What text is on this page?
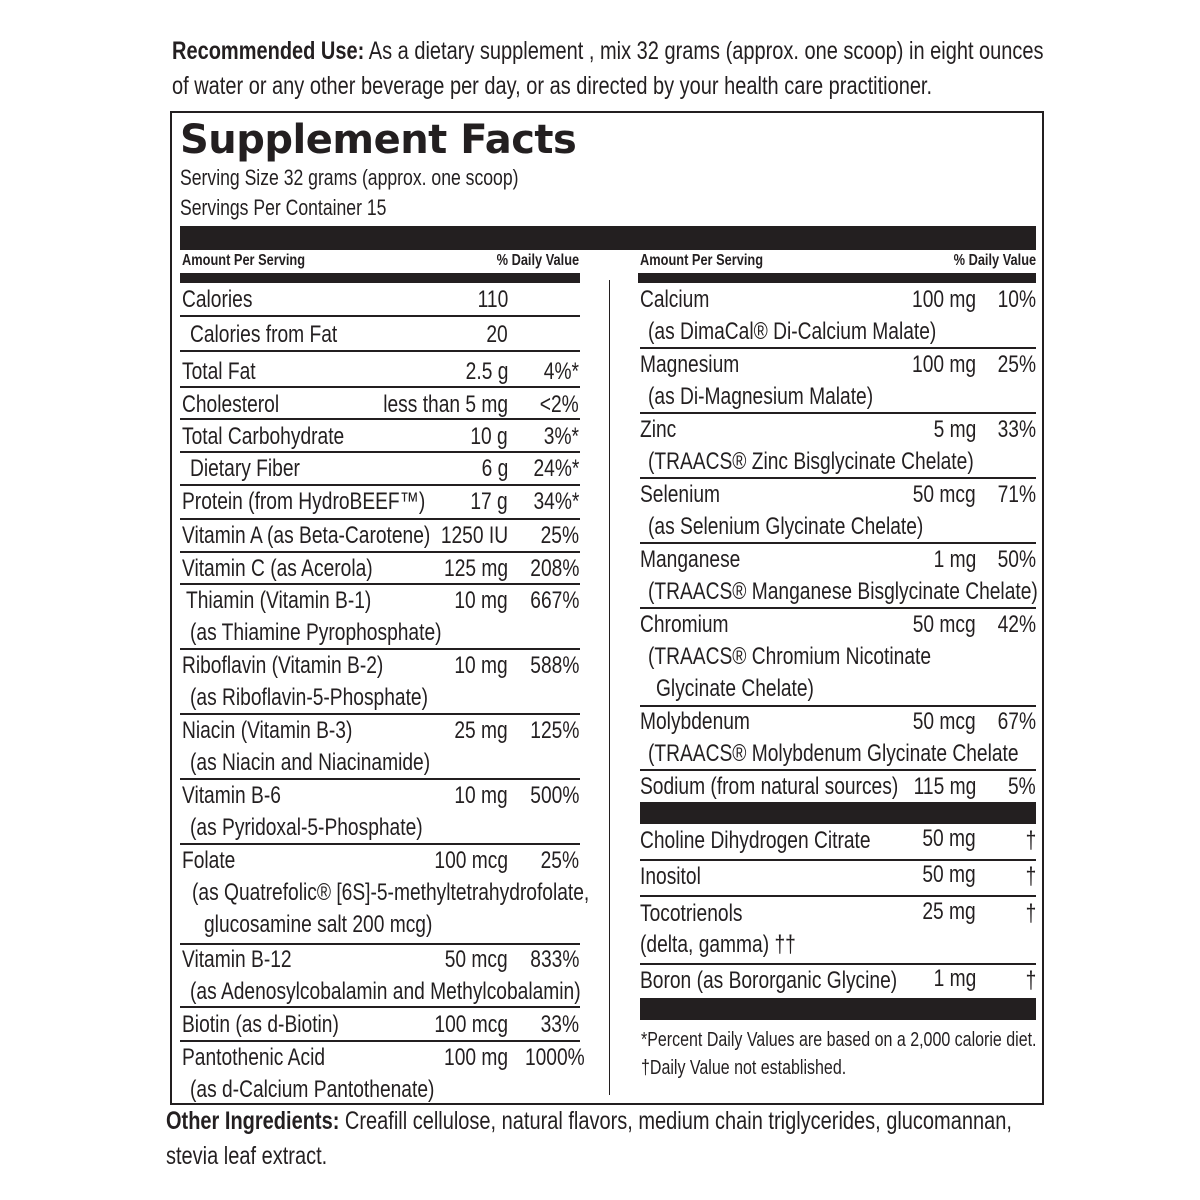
Recommended Use: As a dietary supplement , mix 32 grams (approx. one scoop) in eight ounces
of water or any other beverage per day, or as directed by your health care practitioner.
Supplement Facts
Serving Size 32 grams (approx. one scoop)
Servings Per Container 15
Amount Per Serving	% Daily Value	Amount Per Serving	% Daily Value
*Percent Daily Values are based on a 2,000 calorie diet.
†Daily Value not established.
Other Ingredients: Creafill cellulose, natural flavors, medium chain triglycerides, glucomannan,
stevia leaf extract.
Calories	110
Calories from Fat	20
Total Fat	2.5 g	4%*
Cholesterol	less than 5 mg	<2%
Total Carbohydrate	10 g	3%*
Dietary Fiber	6 g	24%*
Protein (from HydroBEEF™)	17 g	34%*
Vitamin A (as Beta-Carotene) 1250 IU	25%
Vitamin C (as Acerola)	125 mg 208%
Thiamin (Vitamin B-1)	10 mg 667%
(as Thiamine Pyrophosphate)
Riboflavin (Vitamin B-2)	10 mg 588%
(as Riboflavin-5-Phosphate)
Niacin (Vitamin B-3)	25 mg 125%
(as Niacin and Niacinamide)
Vitamin B-6	10 mg 500%
(as Pyridoxal-5-Phosphate)
Folate	100 mcg	25%
(as Quatrefolic® [6S]-5-methyltetrahydrofolate,
glucosamine salt 200 mcg)
Vitamin B-12	50 mcg 833%
(as Adenosylcobalamin and Methylcobalamin)
Biotin (as d-Biotin)	100 mcg	33%
Pantothenic Acid	100 mg 1000%
(as d-Calcium Pantothenate)
Calcium	100 mg 10%
(as DimaCal® Di-Calcium Malate)
Magnesium	100 mg 25%
(as Di-Magnesium Malate)
Zinc	5 mg 33%
(TRAACS® Zinc Bisglycinate Chelate)
Selenium	50 mcg 71%
(as Selenium Glycinate Chelate)
Manganese	1 mg 50%
(TRAACS® Manganese Bisglycinate Chelate)
Chromium	50 mcg 42%
(TRAACS® Chromium Nicotinate
Glycinate Chelate)
Molybdenum	50 mcg 67%
(TRAACS® Molybdenum Glycinate Chelate
Sodium (from natural sources) 115 mg	5%
Choline Dihydrogen Citrate	50 mg	†
Inositol	50 mg	†
Tocotrienols	25 mg	†
(delta, gamma) ††
Boron (as Bororganic Glycine)	1 mg	†
